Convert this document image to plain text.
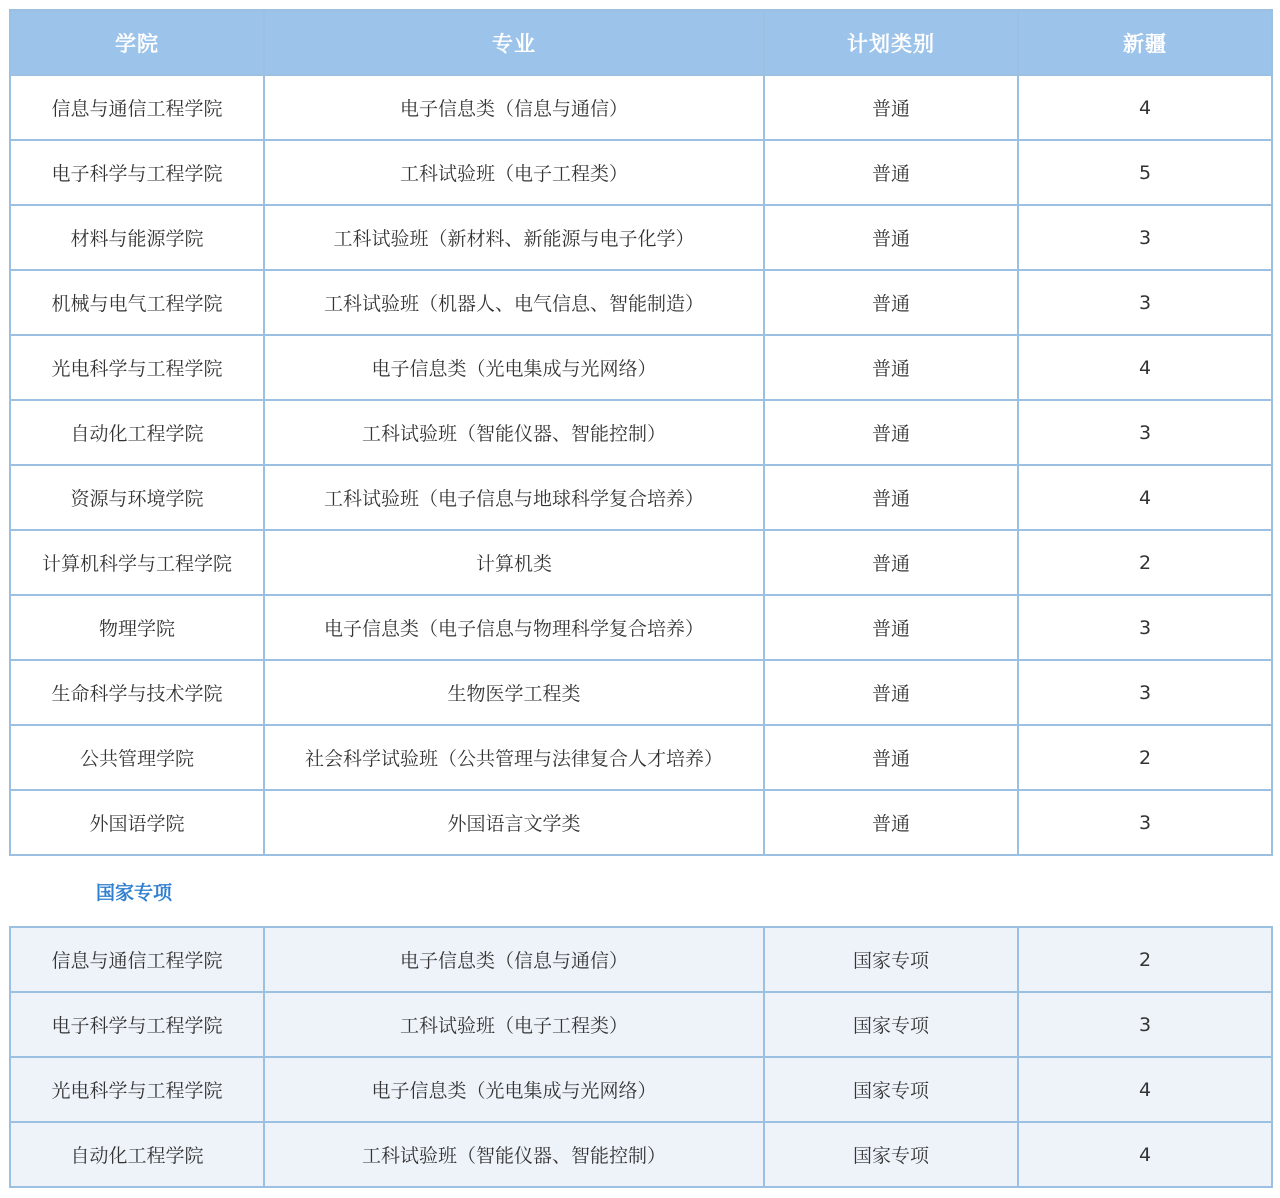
学院	专业	计划类别	新疆
信息与通信工程学院	电子信息类（信息与通信）	普通	4
电子科学与工程学院	工科试验班（电子工程类）	普通	5
材料与能源学院	工科试验班（新材料、新能源与电子化学）	普通	3
机械与电气工程学院	工科试验班（机器人、电气信息、智能制造）	普通	3
光电科学与工程学院	电子信息类（光电集成与光网络）	普通	4
自动化工程学院	工科试验班（智能仪器、智能控制）	普通	3
资源与环境学院	工科试验班（电子信息与地球科学复合培养）	普通	4
计算机科学与工程学院	计算机类	普通	2
物理学院	电子信息类（电子信息与物理科学复合培养）	普通	3
生命科学与技术学院	生物医学工程类	普通	3
公共管理学院	社会科学试验班（公共管理与法律复合人才培养）	普通	2
外国语学院	外国语言文学类	普通	3
国家专项
信息与通信工程学院	电子信息类（信息与通信）	国家专项	2
电子科学与工程学院	工科试验班（电子工程类）	国家专项	3
光电科学与工程学院	电子信息类（光电集成与光网络）	国家专项	4
自动化工程学院	工科试验班（智能仪器、智能控制）	国家专项	4
